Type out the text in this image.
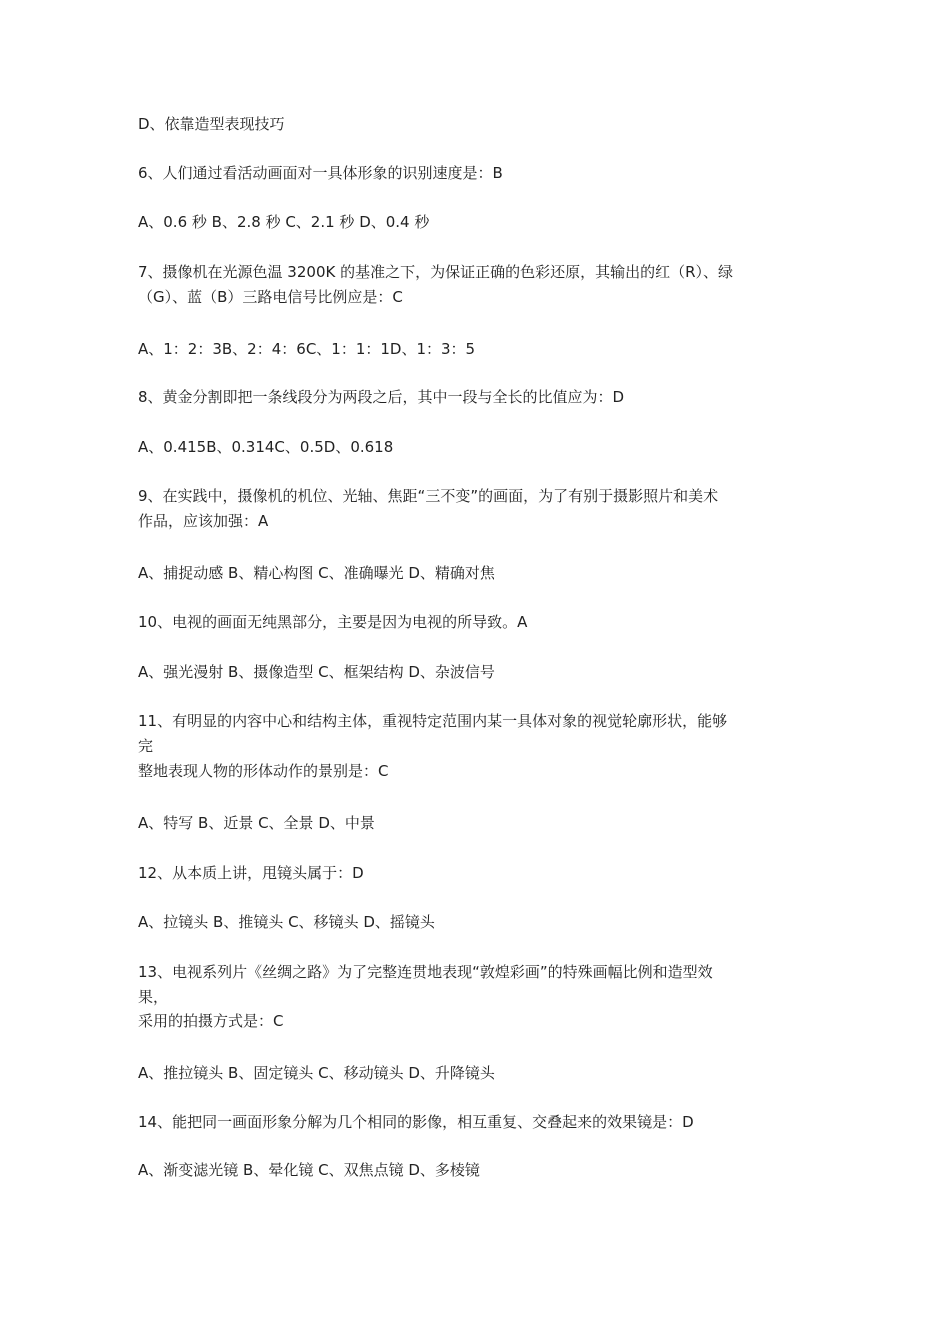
D、依靠造型表现技巧
6、人们通过看活动画面对一具体形象的识别速度是：B
A、0.6 秒 B、2.8 秒 C、2.1 秒 D、0.4 秒
7、摄像机在光源色温 3200K 的基准之下，为保证正确的色彩还原，其输出的红（R）、绿
（G）、蓝（B）三路电信号比例应是：C
A、1：2：3B、2：4：6C、1：1：1D、1：3：5
8、黄金分割即把一条线段分为两段之后，其中一段与全长的比值应为：D
A、0.415B、0.314C、0.5D、0.618
9、在实践中，摄像机的机位、光轴、焦距“三不变”的画面，为了有别于摄影照片和美术
作品，应该加强：A
A、捕捉动感 B、精心构图 C、准确曝光 D、精确对焦
10、电视的画面无纯黑部分，主要是因为电视的所导致。A
A、强光漫射 B、摄像造型 C、框架结构 D、杂波信号
11、有明显的内容中心和结构主体，重视特定范围内某一具体对象的视觉轮廓形状，能够
完
整地表现人物的形体动作的景别是：C
A、特写 B、近景 C、全景 D、中景
12、从本质上讲，甩镜头属于：D
A、拉镜头 B、推镜头 C、移镜头 D、摇镜头
13、电视系列片《丝绸之路》为了完整连贯地表现“敦煌彩画”的特殊画幅比例和造型效
果，
采用的拍摄方式是：C
A、推拉镜头 B、固定镜头 C、移动镜头 D、升降镜头
14、能把同一画面形象分解为几个相同的影像，相互重复、交叠起来的效果镜是：D
A、渐变滤光镜 B、晕化镜 C、双焦点镜 D、多棱镜
